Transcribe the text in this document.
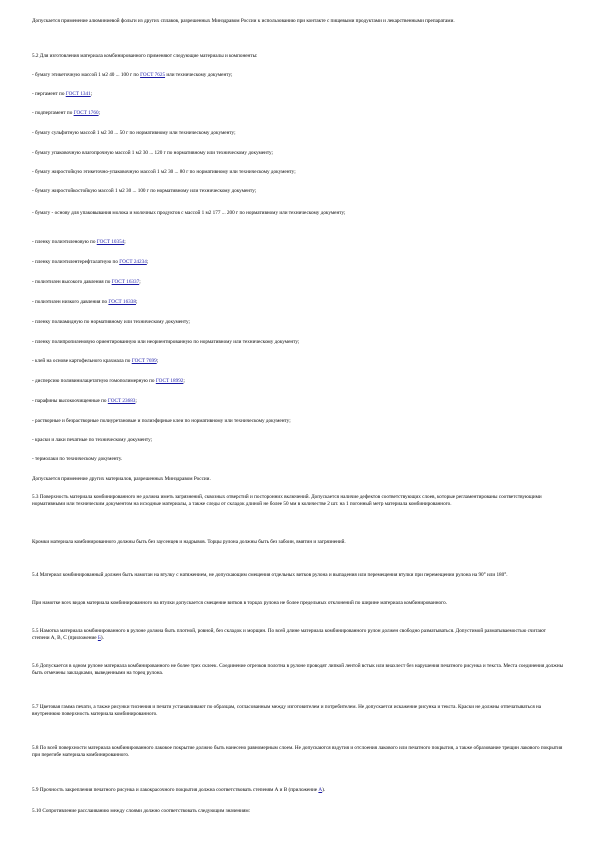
Допускается применение алюминиевой фольги из других сплавов, разрешенных Минздравом России к использованию при контакте с пищевыми продуктами и лекарственными препаратами.
5.2 Для изготовления материала комбинированного применяют следующие материалы и компоненты:
- бумагу этикеточную массой 1 м2 40 ... 100 г по ГОСТ 7625 или техническому документу;
- пергамент по ГОСТ 1341;
- подпергамент по ГОСТ 1760;
- бумагу сульфитную массой 1 м2 30 ... 50 г по нормативному или техническому документу;
- бумагу упаковочную влагопрочную массой 1 м2 30 ... 120 г по нормативному или техническому документу;
- бумагу жиростойкую этикеточно-упаковочную массой 1 м2 30 ... 80 г по нормативному или техническому документу;
- бумагу жиростойкостойкую массой 1 м2 30 ... 100 г по нормативному или техническому документу;
- бумагу - основу для упаковывания молока и молочных продуктов с массой 1 м2 177 ... 200 г по нормативному или техническому документу;
- пленку полиэтиленовую по ГОСТ 10354;
- пленку полиэтилентерефталатную по ГОСТ 24234;
- полиэтилен высокого давления по ГОСТ 16337;
- полиэтилен низкого давления по ГОСТ 16338;
- пленку полиамидную по нормативному или техническому документу;
- пленку полипропиленовую ориентированную или неориентированную по нормативному или техническому документу;
- клей на основе картофельного крахмала по ГОСТ 7699;
- дисперсию поливинилацетатную гомополимерную по ГОСТ 18992;
- парафины высокоочищенные по ГОСТ 23683;
- растворные и безрастворные полиуретановые и полиэфирные клеи по нормативному или техническому документу;
- краски и лаки печатные по техническому документу;
- термолаки по техническому документу.
Допускается применение других материалов, разрешенных Минздравом России.
5.3 Поверхность материала комбинированного не должна иметь загрязнений, сквозных отверстий и посторонних включений. Допускается наличие дефектов соответствующих слоев, которые регламентированы соответствующими нормативными или техническим документом на исходные материалы, а также следы от складок длиной не более 50 мм в количестве 2 шт. на 1 погонный метр материала комбинированного.
Кромки материала комбинированного должны быть без заусенцев и надрывов. Торцы рулона должны быть без забоин, вмятин и загрязнений.
5.4 Материал комбинированный должен быть намотан на втулку с натяжением, не допускающим смещения отдельных витков рулона и выпадения или перемещения втулки при перемещении рулона на 90° или 180°.
При намотке всех видов материала комбинированного на втулки допускается смещение витков в торцах рулона не более предельных отклонений по ширине материала комбинированного.
5.5 Намотка материала комбинированного в рулоне должна быть плотной, ровной, без складок и морщин. По всей длине материала комбинированного рулон должен свободно разматываться. Допустимой разматываемостью считают степени А, В, С (приложение Б).
5.6 Допускается в одном рулоне материала комбинированного не более трех склеек. Соединение отрезков полотна в рулоне проводят липкой лентой встык или внахлест без нарушения печатного рисунка и текста. Места соединения должны быть отмечены закладками, выведенными на торец рулона.
5.7 Цветовая гамма печати, а также рисунки тиснения и печати устанавливают по образцам, согласованным между изготовителем и потребителем. Не допускается искажение рисунка и текста. Краски не должны отпечатываться на внутреннюю поверхность материала комбинированного.
5.8 По всей поверхности материала комбинированного лаковое покрытие должно быть нанесено равномерным слоем. Не допускаются вздутия и отслоения лакового или печатного покрытия, а также образование трещин лакового покрытия при перегибе материала комбинированного.
5.9 Прочность закрепления печатного рисунка и лакокрасочного покрытия должна соответствовать степеням А и В (приложение А).
5.10 Сопротивление расслаиванию между слоями должно соответствовать следующим значениям:
